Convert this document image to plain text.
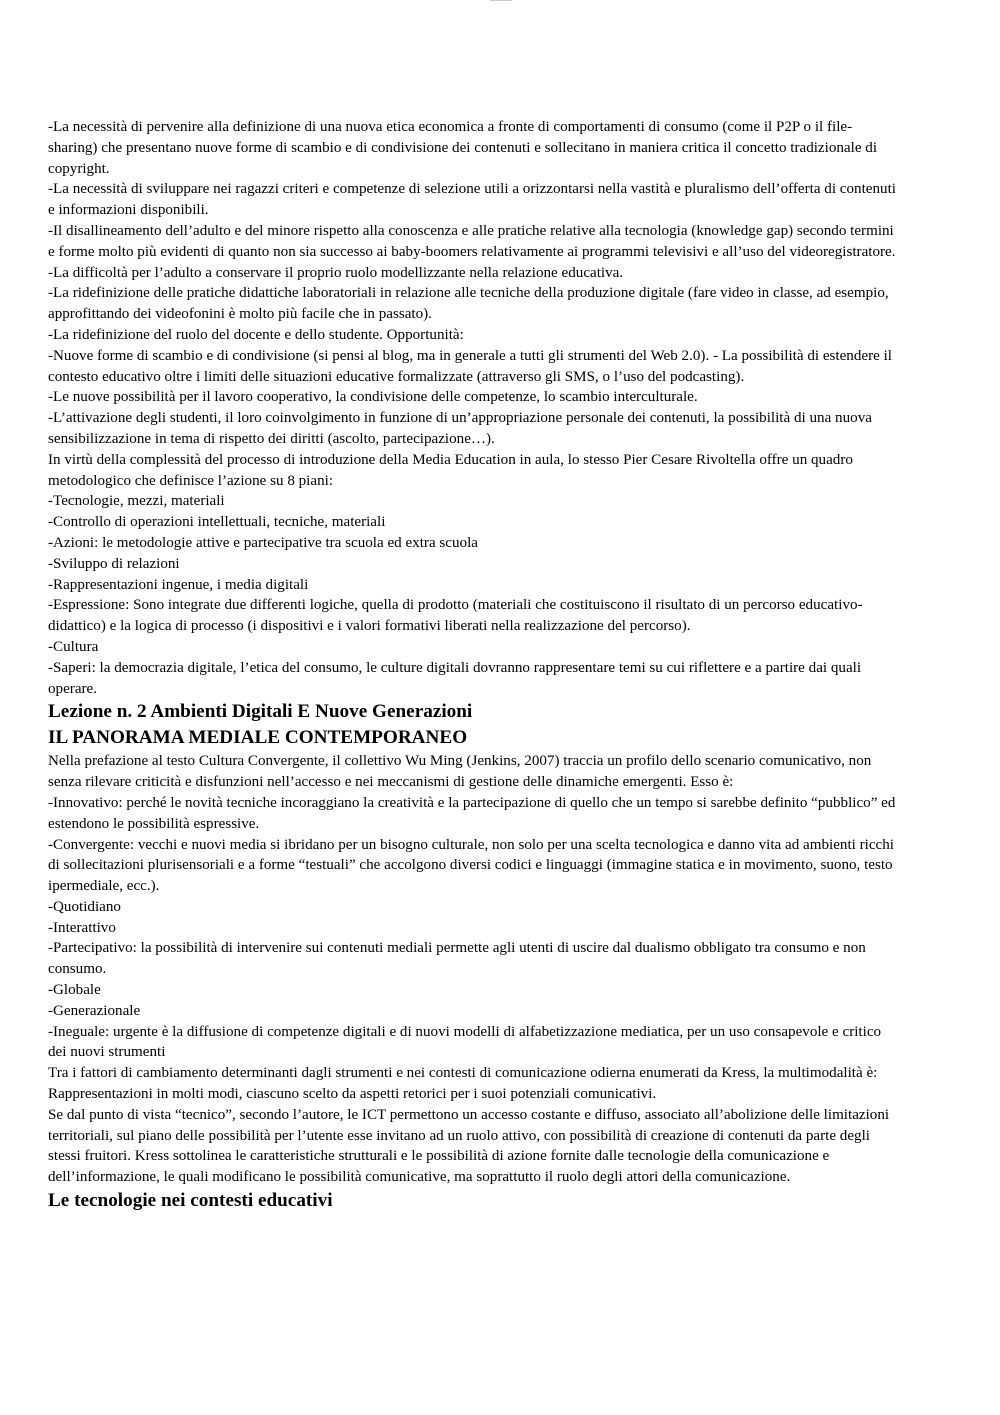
-La necessità di pervenire alla definizione di una nuova etica economica a fronte di comportamenti di consumo (come il P2P o il file-sharing) che presentano nuove forme di scambio e di condivisione dei contenuti e sollecitano in maniera critica il concetto tradizionale di copyright.

-La necessità di sviluppare nei ragazzi criteri e competenze di selezione utili a orizzontarsi nella vastità e pluralismo dell’offerta di contenuti e informazioni disponibili.

-Il disallineamento dell’adulto e del minore rispetto alla conoscenza e alle pratiche relative alla tecnologia (knowledge gap) secondo termini e forme molto più evidenti di quanto non sia successo ai baby-boomers relativamente ai programmi televisivi e all’uso del videoregistratore.

-La difficoltà per l’adulto a conservare il proprio ruolo modellizzante nella relazione educativa.

-La ridefinizione delle pratiche didattiche laboratoriali in relazione alle tecniche della produzione digitale (fare video in classe, ad esempio, approfittando dei videofonini è molto più facile che in passato).

-La ridefinizione del ruolo del docente e dello studente. Opportunità:

-Nuove forme di scambio e di condivisione (si pensi al blog, ma in generale a tutti gli strumenti del Web 2.0). - La possibilità di estendere il contesto educativo oltre i limiti delle situazioni educative formalizzate (attraverso gli SMS, o l’uso del podcasting).

-Le nuove possibilità per il lavoro cooperativo, la condivisione delle competenze, lo scambio interculturale.

-L’attivazione degli studenti, il loro coinvolgimento in funzione di un’appropriazione personale dei contenuti, la possibilità di una nuova sensibilizzazione in tema di rispetto dei diritti (ascolto, partecipazione…).

In virtù della complessità del processo di introduzione della Media Education in aula, lo stesso Pier Cesare Rivoltella offre un quadro metodologico che definisce l’azione su 8 piani:

-Tecnologie, mezzi, materiali

-Controllo di operazioni intellettuali, tecniche, materiali

-Azioni: le metodologie attive e partecipative tra scuola ed extra scuola

-Sviluppo di relazioni

-Rappresentazioni ingenue, i media digitali

-Espressione: Sono integrate due differenti logiche, quella di prodotto (materiali che costituiscono il risultato di un percorso educativo-didattico) e la logica di processo (i dispositivi e i valori formativi liberati nella realizzazione del percorso).

-Cultura

-Saperi: la democrazia digitale, l’etica del consumo, le culture digitali dovranno rappresentare temi su cui riflettere e a partire dai quali operare.

Lezione n. 2 Ambienti Digitali E Nuove Generazioni
IL PANORAMA MEDIALE CONTEMPORANEO

Nella prefazione al testo Cultura Convergente, il collettivo Wu Ming (Jenkins, 2007) traccia un profilo dello scenario comunicativo, non senza rilevare criticità e disfunzioni nell’accesso e nei meccanismi di gestione delle dinamiche emergenti. Esso è:

-Innovativo: perché le novità tecniche incoraggiano la creatività e la partecipazione di quello che un tempo si sarebbe definito “pubblico” ed estendono le possibilità espressive.

-Convergente: vecchi e nuovi media si ibridano per un bisogno culturale, non solo per una scelta tecnologica e danno vita ad ambienti ricchi di sollecitazioni plurisensoriali e a forme “testuali” che accolgono diversi codici e linguaggi (immagine statica e in movimento, suono, testo ipermediale, ecc.).

-Quotidiano

-Interattivo

-Partecipativo: la possibilità di intervenire sui contenuti mediali permette agli utenti di uscire dal dualismo obbligato tra consumo e non consumo.

-Globale

-Generazionale

-Ineguale: urgente è la diffusione di competenze digitali e di nuovi modelli di alfabetizzazione mediatica, per un uso consapevole e critico dei nuovi strumenti

Tra i fattori di cambiamento determinanti dagli strumenti e nei contesti di comunicazione odierna enumerati da Kress, la multimodalità è: Rappresentazioni in molti modi, ciascuno scelto da aspetti retorici per i suoi potenziali comunicativi.

Se dal punto di vista “tecnico”, secondo l’autore, le ICT permettono un accesso costante e diffuso, associato all’abolizione delle limitazioni territoriali, sul piano delle possibilità per l’utente esse invitano ad un ruolo attivo, con possibilità di creazione di contenuti da parte degli stessi fruitori. Kress sottolinea le caratteristiche strutturali e le possibilità di azione fornite dalle tecnologie della comunicazione e dell’informazione, le quali modificano le possibilità comunicative, ma soprattutto il ruolo degli attori della comunicazione.

Le tecnologie nei contesti educativi
